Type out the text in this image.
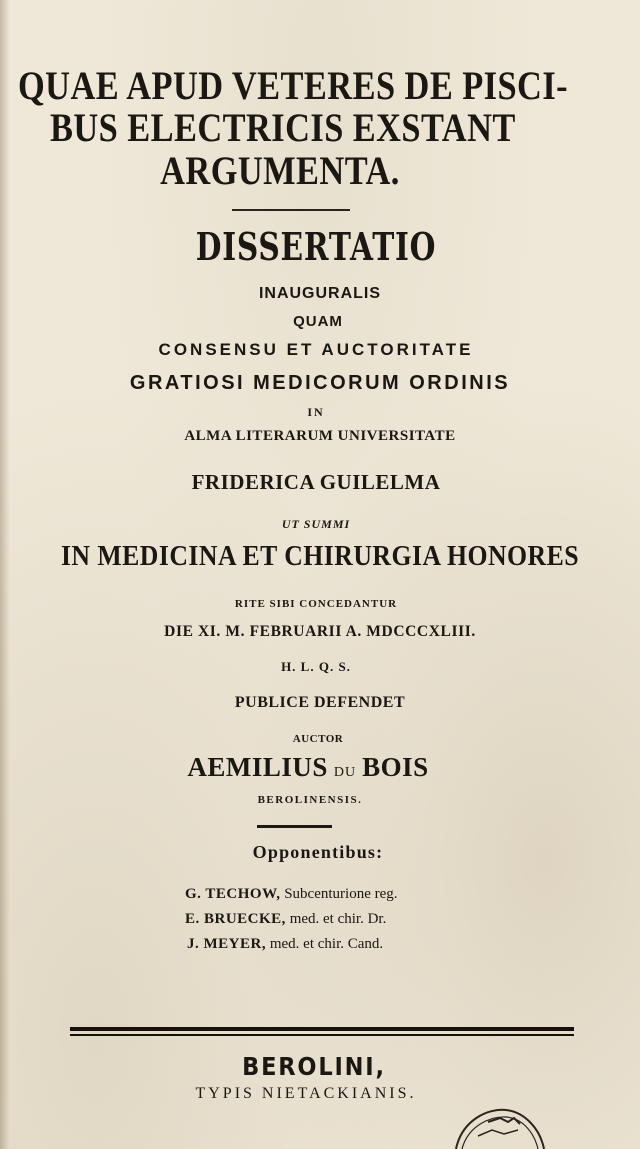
QUAE APUD VETERES DE PISCI-
BUS ELECTRICIS EXSTANT
ARGUMENTA.
DISSERTATIO
INAUGURALIS
QUAM
CONSENSU ET AUCTORITATE
GRATIOSI MEDICORUM ORDINIS
IN
ALMA LITERARUM UNIVERSITATE
FRIDERICA GUILELMA
UT SUMMI
IN MEDICINA ET CHIRURGIA HONORES
RITE SIBI CONCEDANTUR
DIE XI. M. FEBRUARII A. MDCCCXLIII.
H. L. Q. S.
PUBLICE DEFENDET
AUCTOR
AEMILIUS DU BOIS
BEROLINENSIS.
Opponentibus:
G. TECHOW, Subcenturione reg.
E. BRUECKE, med. et chir. Dr.
J. MEYER, med. et chir. Cand.
BEROLINI,
TYPIS NIETACKIANIS.
